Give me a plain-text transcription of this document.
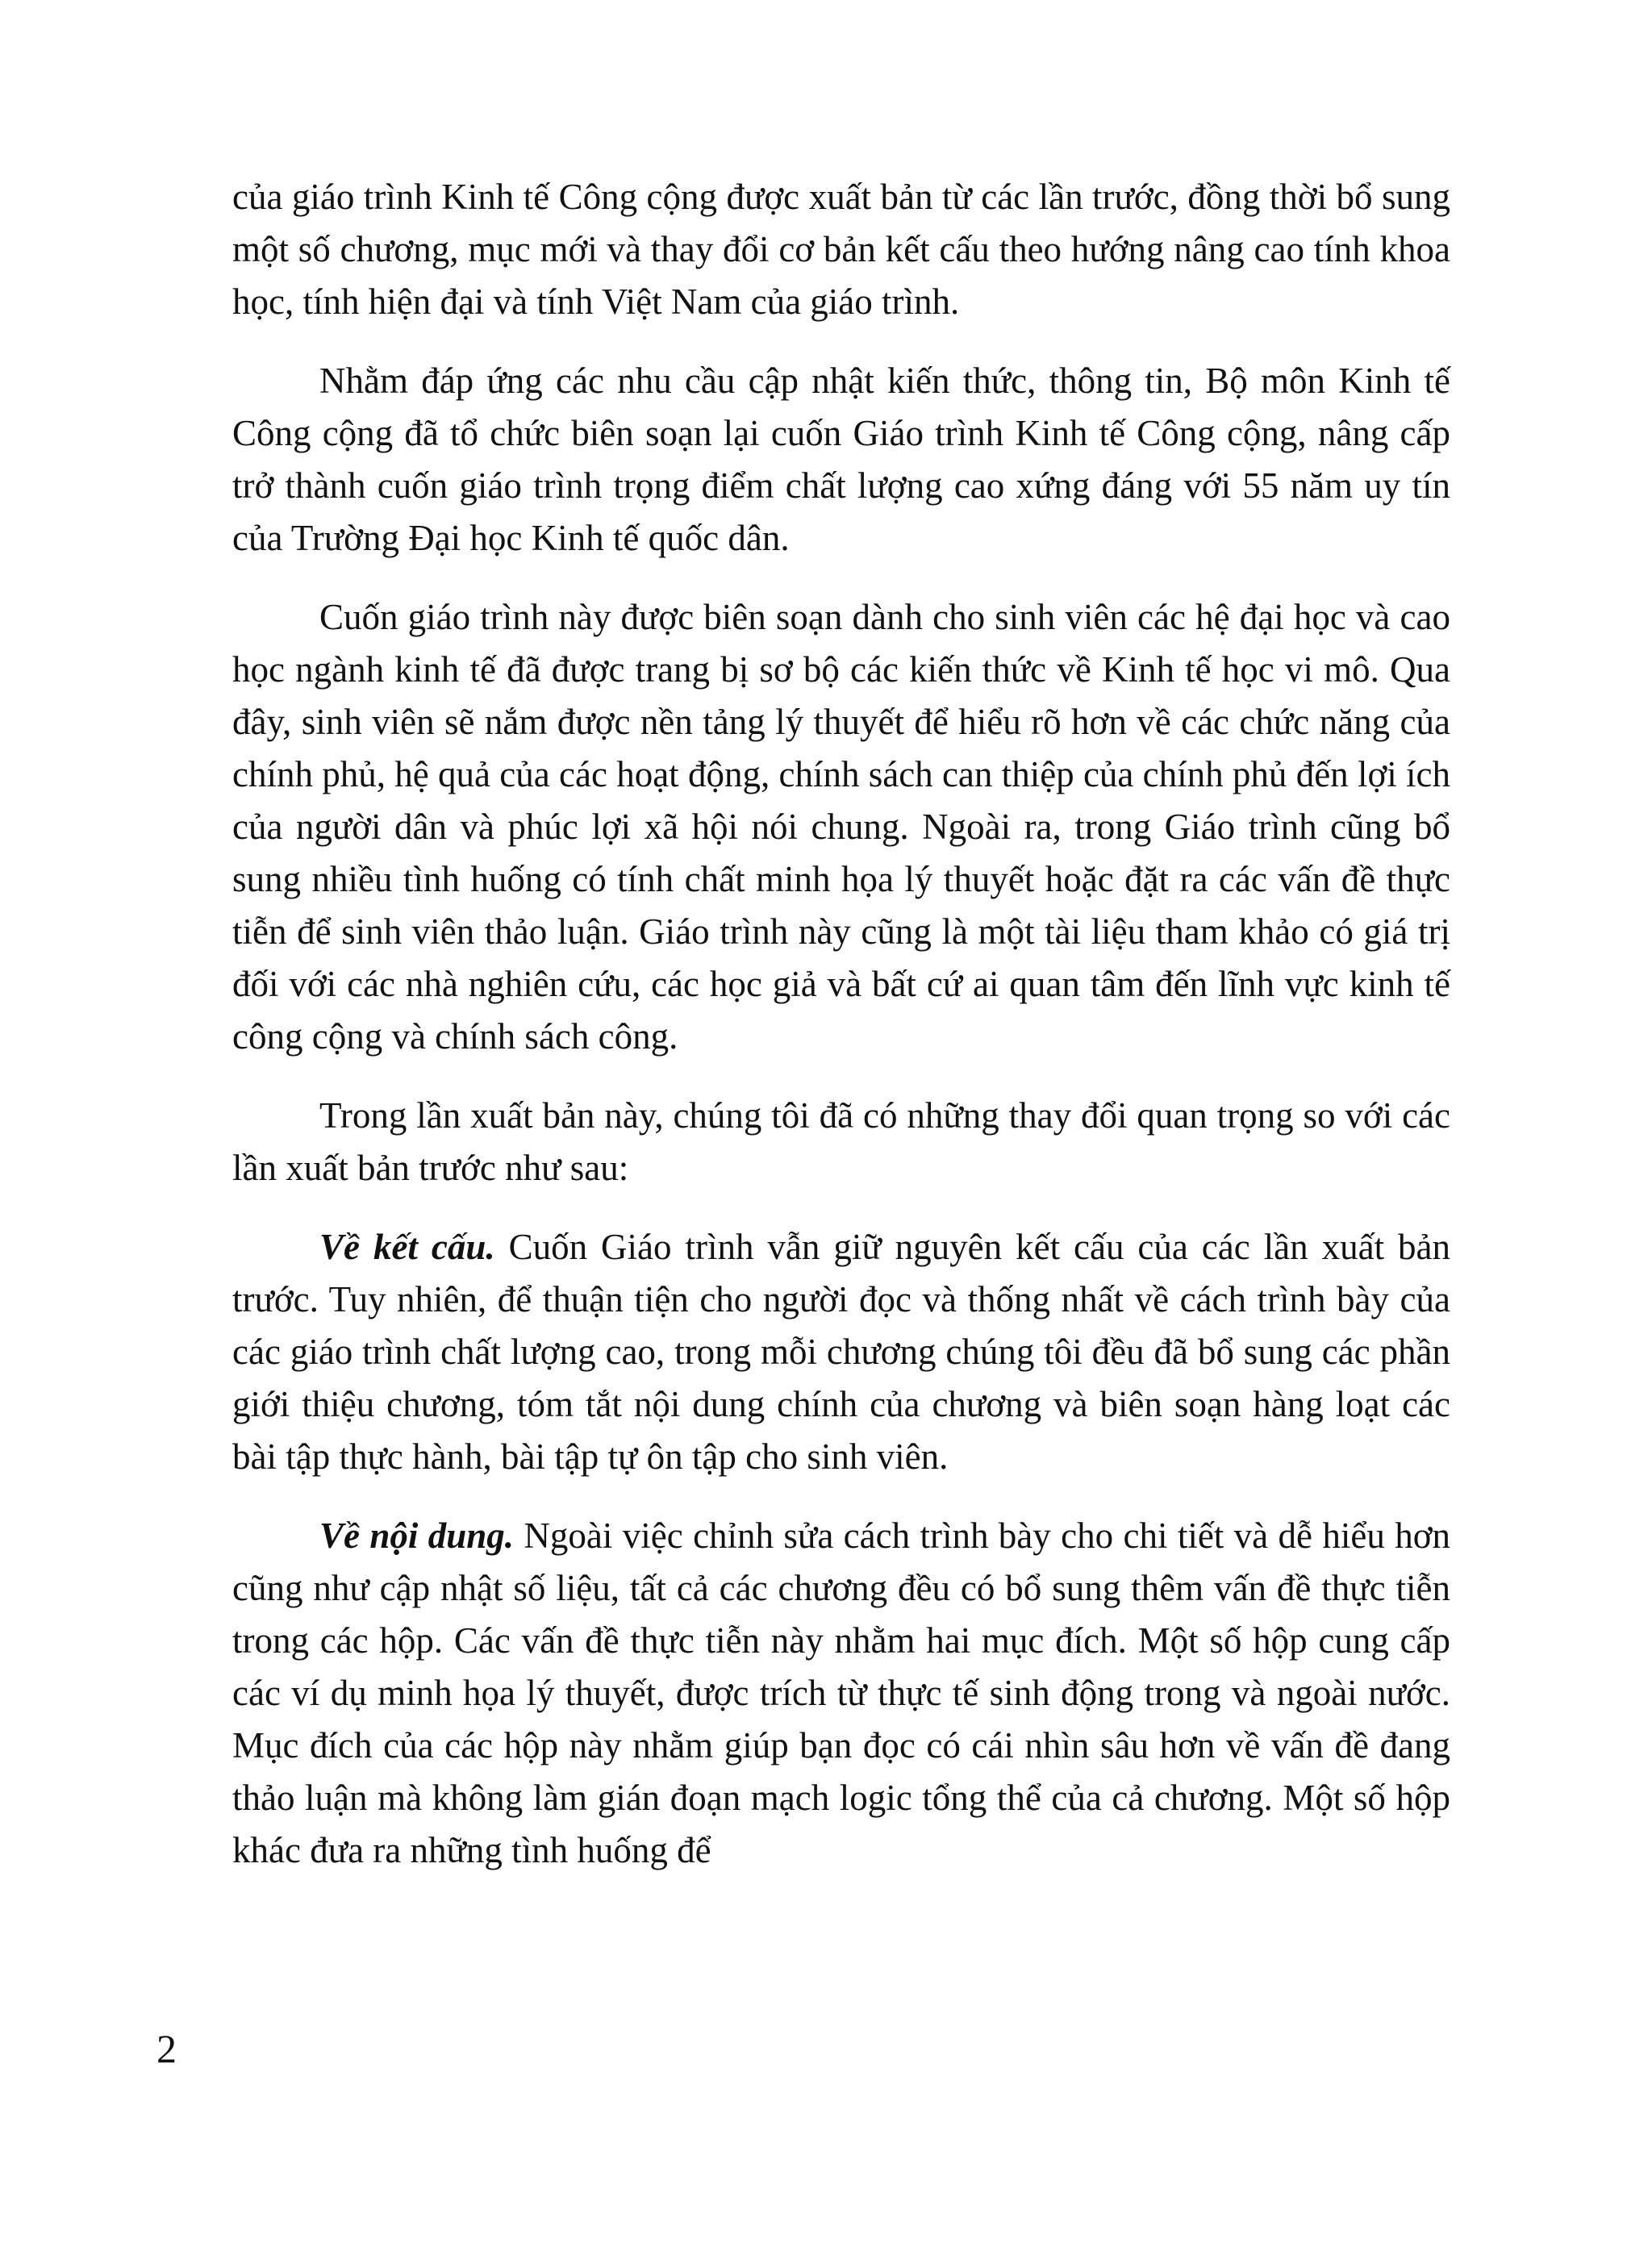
của giáo trình Kinh tế Công cộng được xuất bản từ các lần trước, đồng thời bổ sung một số chương, mục mới và thay đổi cơ bản kết cấu theo hướng nâng cao tính khoa học, tính hiện đại và tính Việt Nam của giáo trình.

Nhằm đáp ứng các nhu cầu cập nhật kiến thức, thông tin, Bộ môn Kinh tế Công cộng đã tổ chức biên soạn lại cuốn Giáo trình Kinh tế Công cộng, nâng cấp trở thành cuốn giáo trình trọng điểm chất lượng cao xứng đáng với 55 năm uy tín của Trường Đại học Kinh tế quốc dân.

Cuốn giáo trình này được biên soạn dành cho sinh viên các hệ đại học và cao học ngành kinh tế đã được trang bị sơ bộ các kiến thức về Kinh tế học vi mô. Qua đây, sinh viên sẽ nắm được nền tảng lý thuyết để hiểu rõ hơn về các chức năng của chính phủ, hệ quả của các hoạt động, chính sách can thiệp của chính phủ đến lợi ích của người dân và phúc lợi xã hội nói chung. Ngoài ra, trong Giáo trình cũng bổ sung nhiều tình huống có tính chất minh họa lý thuyết hoặc đặt ra các vấn đề thực tiễn để sinh viên thảo luận. Giáo trình này cũng là một tài liệu tham khảo có giá trị đối với các nhà nghiên cứu, các học giả và bất cứ ai quan tâm đến lĩnh vực kinh tế công cộng và chính sách công.

Trong lần xuất bản này, chúng tôi đã có những thay đổi quan trọng so với các lần xuất bản trước như sau:

Về kết cấu. Cuốn Giáo trình vẫn giữ nguyên kết cấu của các lần xuất bản trước. Tuy nhiên, để thuận tiện cho người đọc và thống nhất về cách trình bày của các giáo trình chất lượng cao, trong mỗi chương chúng tôi đều đã bổ sung các phần giới thiệu chương, tóm tắt nội dung chính của chương và biên soạn hàng loạt các bài tập thực hành, bài tập tự ôn tập cho sinh viên.

Về nội dung. Ngoài việc chỉnh sửa cách trình bày cho chi tiết và dễ hiểu hơn cũng như cập nhật số liệu, tất cả các chương đều có bổ sung thêm vấn đề thực tiễn trong các hộp. Các vấn đề thực tiễn này nhằm hai mục đích. Một số hộp cung cấp các ví dụ minh họa lý thuyết, được trích từ thực tế sinh động trong và ngoài nước. Mục đích của các hộp này nhằm giúp bạn đọc có cái nhìn sâu hơn về vấn đề đang thảo luận mà không làm gián đoạn mạch logic tổng thể của cả chương. Một số hộp khác đưa ra những tình huống để

2
